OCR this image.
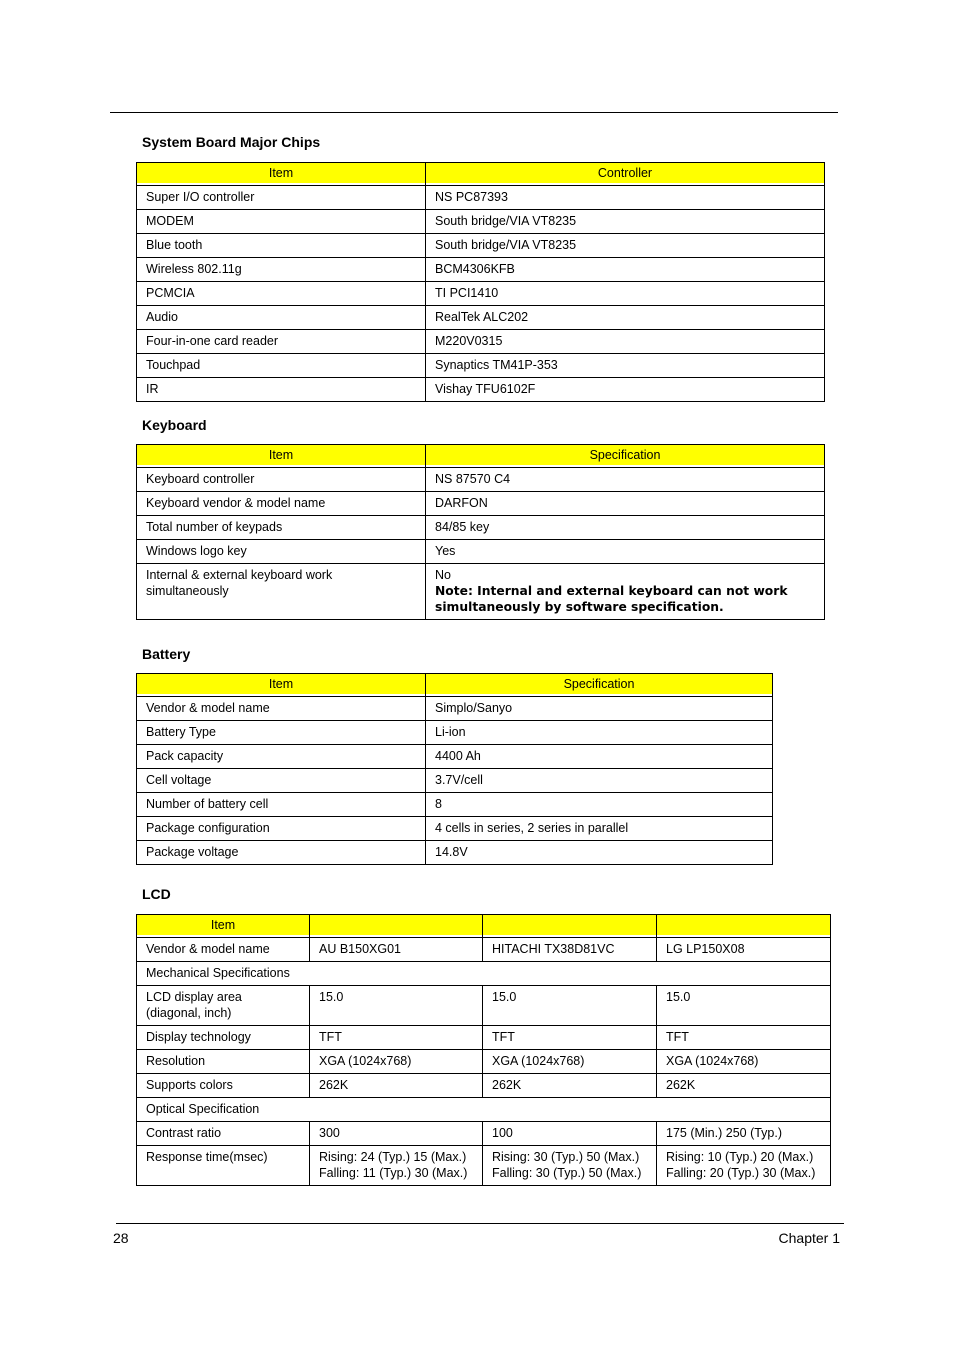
System Board Major Chips
Item	Controller

Super I/O controller	NS PC87393
MODEM	South bridge/VIA VT8235
Blue tooth	South bridge/VIA VT8235
Wireless 802.11g	BCM4306KFB
PCMCIA	TI PCI1410
Audio	RealTek ALC202
Four-in-one card reader	M220V0315
Touchpad	Synaptics TM41P-353
IR	Vishay TFU6102F
Keyboard
Item	Specification

Keyboard controller	NS 87570 C4
Keyboard vendor & model name	DARFON
Total number of keypads	84/85 key
Windows logo key	Yes
Internal & external keyboard work simultaneously	No
Note: Internal and external keyboard can not work simultaneously by software specification.
Battery
Item	Specification

Vendor & model name	Simplo/Sanyo
Battery Type	Li-ion
Pack capacity	4400 Ah
Cell voltage	3.7V/cell
Number of battery cell	8
Package configuration	4 cells in series, 2 series in parallel
Package voltage	14.8V
LCD
Item			

Vendor & model name	AU B150XG01	HITACHI TX38D81VC	LG LP150X08
Mechanical Specifications			
LCD display area (diagonal, inch)	15.0	15.0	15.0
Display technology	TFT	TFT	TFT
Resolution	XGA (1024x768)	XGA (1024x768)	XGA (1024x768)
Supports colors	262K	262K	262K
Optical Specification			
Contrast ratio	300	100	175 (Min.) 250 (Typ.)
Response time(msec)	Rising: 24 (Typ.) 15 (Max.) Falling: 11 (Typ.) 30 (Max.)	Rising: 30 (Typ.) 50 (Max.) Falling: 30 (Typ.) 50 (Max.)	Rising: 10 (Typ.) 20 (Max.) Falling: 20 (Typ.) 30 (Max.)
28	Chapter 1
